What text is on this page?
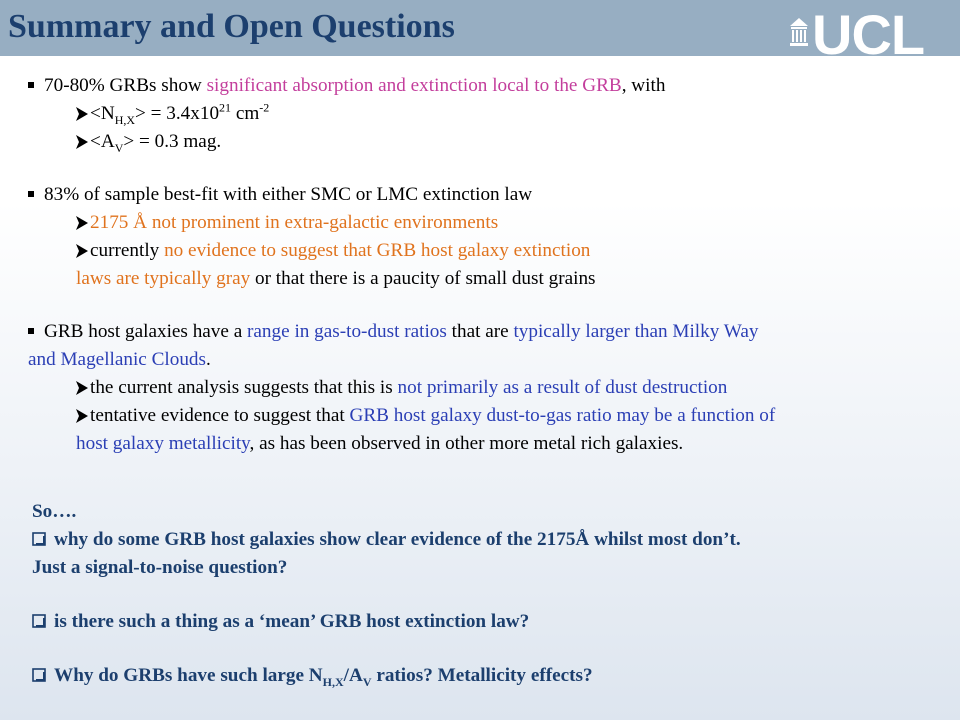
Summary and Open Questions	UCL
70-80% GRBs show significant absorption and extinction local to the GRB, with
$<N_{H,X}> = 3.4x10^{21}$ $cm^{-2}$
$<A_V> = 0.3$ mag.
83% of sample best-fit with either SMC or LMC extinction law
2175 Å not prominent in extra-galactic environments
currently no evidence to suggest that GRB host galaxy extinction
laws are typically gray or that there is a paucity of small dust grains
GRB host galaxies have a range in gas-to-dust ratios that are typically larger than Milky Way
and Magellanic Clouds.
the current analysis suggests that this is not primarily as a result of dust destruction
tentative evidence to suggest that GRB host galaxy dust-to-gas ratio may be a function of
host galaxy metallicity, as has been observed in other more metal rich galaxies.
So….
why do some GRB host galaxies show clear evidence of the 2175Å whilst most don’t.
Just a signal-to-noise question?
is there such a thing as a ‘mean’ GRB host extinction law?
Why do GRBs have such large $N_{H,X}/A_V$ ratios? Metallicity effects?
